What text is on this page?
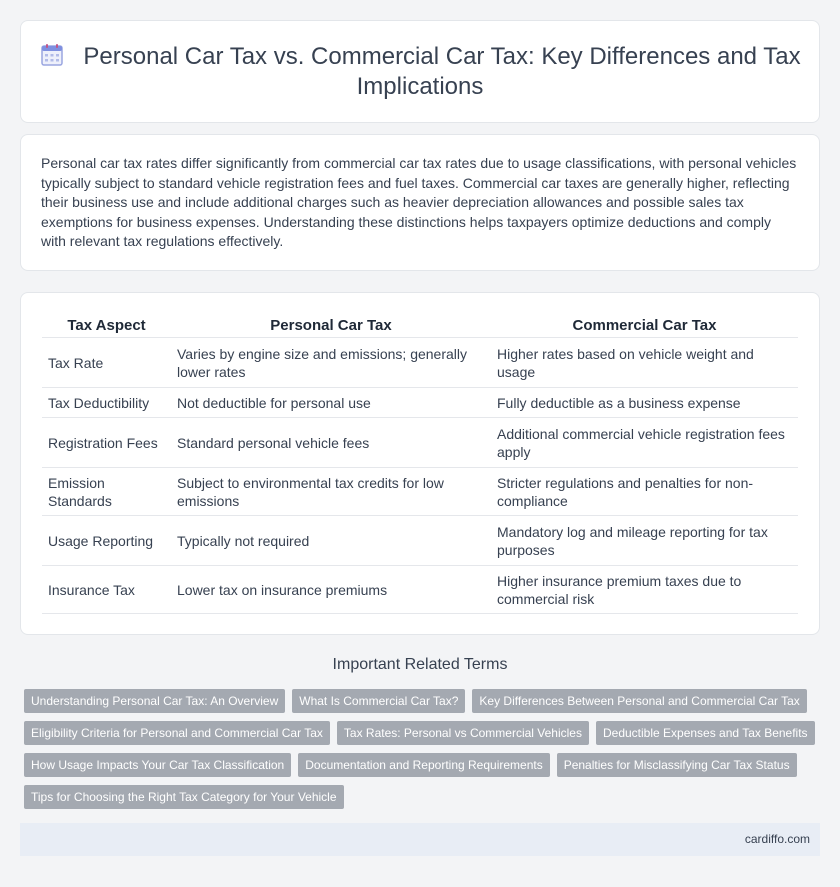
Personal Car Tax vs. Commercial Car Tax: Key Differences and Tax Implications

Personal car tax rates differ significantly from commercial car tax rates due to usage classifications, with personal vehicles typically subject to standard vehicle registration fees and fuel taxes. Commercial car taxes are generally higher, reflecting their business use and include additional charges such as heavier depreciation allowances and possible sales tax exemptions for business expenses. Understanding these distinctions helps taxpayers optimize deductions and comply with relevant tax regulations effectively.

Tax Aspect	Personal Car Tax	Commercial Car Tax
Tax Rate	Varies by engine size and emissions; generally lower rates	Higher rates based on vehicle weight and usage
Tax Deductibility	Not deductible for personal use	Fully deductible as a business expense
Registration Fees	Standard personal vehicle fees	Additional commercial vehicle registration fees apply
Emission Standards	Subject to environmental tax credits for low emissions	Stricter regulations and penalties for non-compliance
Usage Reporting	Typically not required	Mandatory log and mileage reporting for tax purposes
Insurance Tax	Lower tax on insurance premiums	Higher insurance premium taxes due to commercial risk
Important Related Terms
Understanding Personal Car Tax: An Overview	What Is Commercial Car Tax?	Key Differences Between Personal and Commercial Car Tax
Eligibility Criteria for Personal and Commercial Car Tax	Tax Rates: Personal vs Commercial Vehicles	Deductible Expenses and Tax Benefits
How Usage Impacts Your Car Tax Classification	Documentation and Reporting Requirements	Penalties for Misclassifying Car Tax Status
Tips for Choosing the Right Tax Category for Your Vehicle
cardiffo.com
